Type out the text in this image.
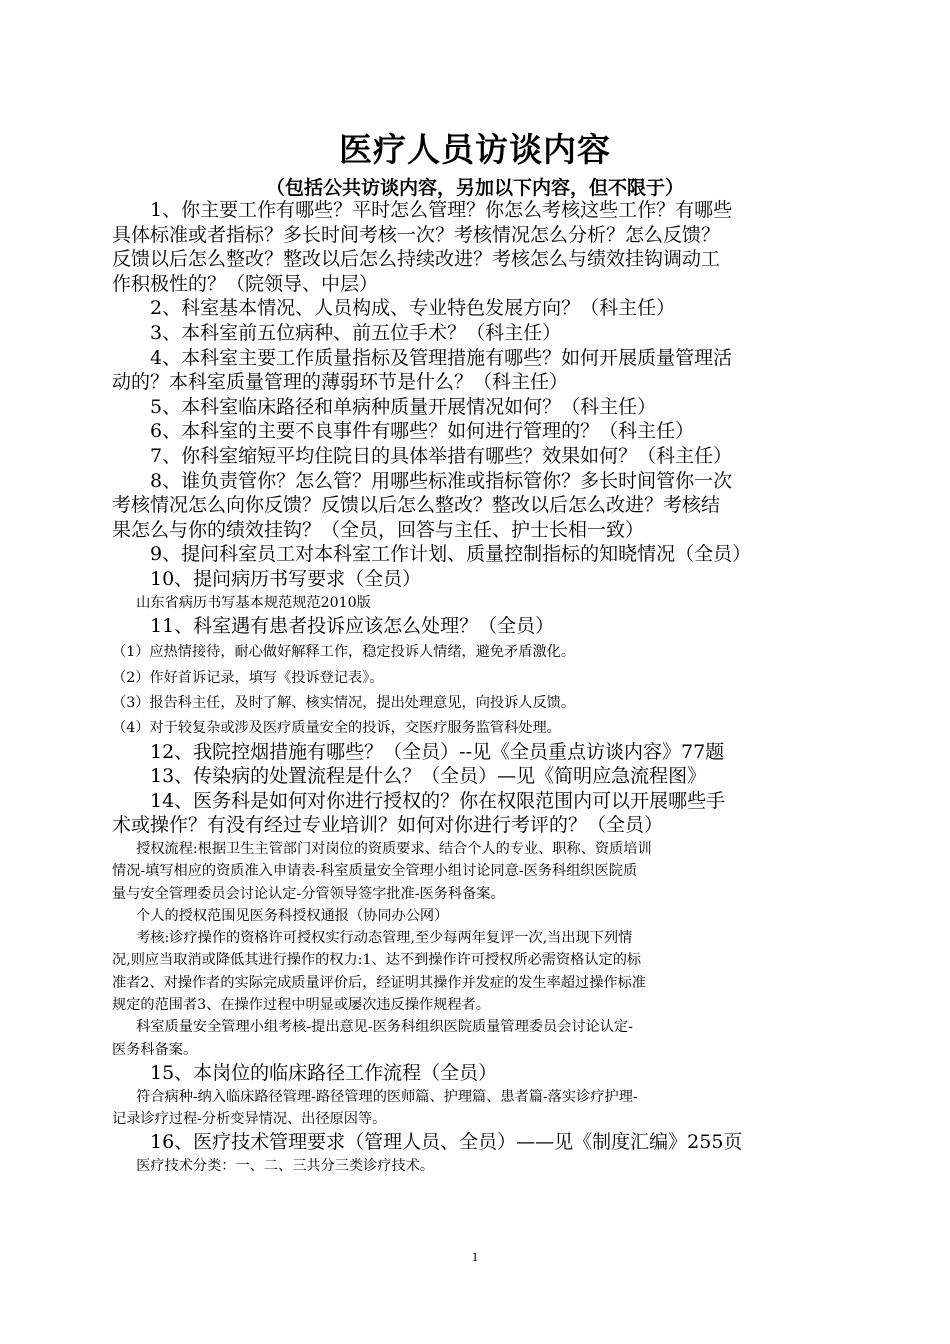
医疗人员访谈内容
（包括公共访谈内容，另加以下内容，但不限于）
1、你主要工作有哪些？平时怎么管理？你怎么考核这些工作？有哪些
具体标准或者指标？多长时间考核一次？考核情况怎么分析？怎么反馈？
反馈以后怎么整改？整改以后怎么持续改进？考核怎么与绩效挂钩调动工
作积极性的？（院领导、中层）
2、科室基本情况、人员构成、专业特色发展方向？（科主任）
3、本科室前五位病种、前五位手术？（科主任）
4、本科室主要工作质量指标及管理措施有哪些？如何开展质量管理活
动的？本科室质量管理的薄弱环节是什么？（科主任）
5、本科室临床路径和单病种质量开展情况如何？（科主任）
6、本科室的主要不良事件有哪些？如何进行管理的？（科主任）
7、你科室缩短平均住院日的具体举措有哪些？效果如何？（科主任）
8、谁负责管你？怎么管？用哪些标准或指标管你？多长时间管你一次
考核情况怎么向你反馈？反馈以后怎么整改？整改以后怎么改进？考核结
果怎么与你的绩效挂钩？（全员，回答与主任、护士长相一致）
9、提问科室员工对本科室工作计划、质量控制指标的知晓情况（全员）
10、提问病历书写要求（全员）
山东省病历书写基本规范规范2010版
11、科室遇有患者投诉应该怎么处理？（全员）
（1）应热情接待，耐心做好解释工作，稳定投诉人情绪，避免矛盾激化。
（2）作好首诉记录，填写《投诉登记表》。
（3）报告科主任，及时了解、核实情况，提出处理意见，向投诉人反馈。
（4）对于较复杂或涉及医疗质量安全的投诉，交医疗服务监管科处理。
12、我院控烟措施有哪些？（全员）--见《全员重点访谈内容》77题
13、传染病的处置流程是什么？（全员）—见《简明应急流程图》
14、医务科是如何对你进行授权的？你在权限范围内可以开展哪些手
术或操作？有没有经过专业培训？如何对你进行考评的？（全员）
授权流程:根据卫生主管部门对岗位的资质要求、结合个人的专业、职称、资质培训
情况-填写相应的资质准入申请表-科室质量安全管理小组讨论同意-医务科组织医院质
量与安全管理委员会讨论认定-分管领导签字批准-医务科备案。
个人的授权范围见医务科授权通报（协同办公网）
考核:诊疗操作的资格许可授权实行动态管理,至少每两年复评一次,当出现下列情
况,则应当取消或降低其进行操作的权力:1、达不到操作许可授权所必需资格认定的标
准者2、对操作者的实际完成质量评价后，经证明其操作并发症的发生率超过操作标准
规定的范围者3、在操作过程中明显或屡次违反操作规程者。
科室质量安全管理小组考核-提出意见-医务科组织医院质量管理委员会讨论认定-
医务科备案。
15、本岗位的临床路径工作流程（全员）
符合病种-纳入临床路径管理-路径管理的医师篇、护理篇、患者篇-落实诊疗护理-
记录诊疗过程-分析变异情况、出径原因等。
16、医疗技术管理要求（管理人员、全员）——见《制度汇编》255页
医疗技术分类：一、二、三共分三类诊疗技术。
1
